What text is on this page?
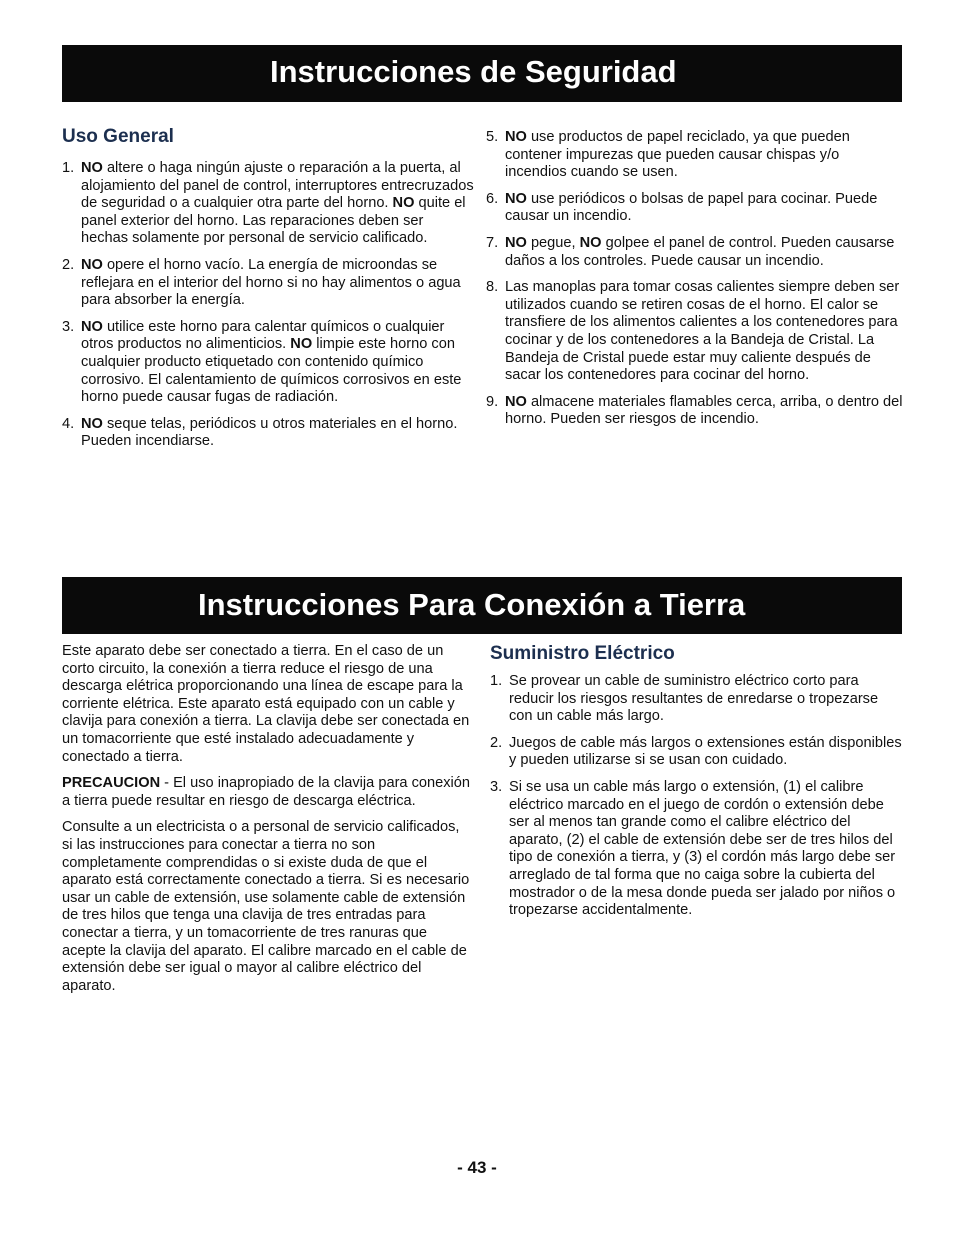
Instrucciones de Seguridad
Uso General
1. NO altere o haga ningún ajuste o reparación a la puerta, al alojamiento del panel de control, interruptores entrecruzados de seguridad o a cualquier otra parte del horno. NO quite el panel exterior del horno. Las reparaciones deben ser hechas solamente por personal de servicio calificado.
2. NO opere el horno vacío. La energía de microondas se reflejara en el interior del horno si no hay alimentos o agua para absorber la energía.
3. NO utilice este horno para calentar químicos o cualquier otros productos no alimenticios. NO limpie este horno con cualquier producto etiquetado con contenido químico corrosivo. El calentamiento de químicos corrosivos en este horno puede causar fugas de radiación.
4. NO seque telas, periódicos u otros materiales en el horno. Pueden incendiarse.
5. NO use productos de papel reciclado, ya que pueden contener impurezas que pueden causar chispas y/o incendios cuando se usen.
6. NO use periódicos o bolsas de papel para cocinar. Puede causar un incendio.
7. NO pegue, NO golpee el panel de control. Pueden causarse daños a los controles. Puede causar un incendio.
8. Las manoplas para tomar cosas calientes siempre deben ser utilizados cuando se retiren cosas de el horno. El calor se transfiere de los alimentos calientes a los contenedores para cocinar y de los contenedores a la Bandeja de Cristal. La Bandeja de Cristal puede estar muy caliente después de sacar los contenedores para cocinar del horno.
9. NO almacene materiales flamables cerca, arriba, o dentro del horno. Pueden ser riesgos de incendio.
Instrucciones Para Conexión a Tierra

Este aparato debe ser conectado a tierra. En el caso de un corto circuito, la conexión a tierra reduce el riesgo de una descarga elétrica proporcionando una línea de escape para la corriente elétrica. Este aparato está equipado con un cable y clavija para conexión a tierra. La clavija debe ser conectada en un tomacorriente que esté instalado adecuadamente y conectado a tierra.

PRECAUCION - El uso inapropiado de la clavija para conexión a tierra puede resultar en riesgo de descarga eléctrica.

Consulte a un electricista o a personal de servicio calificados, si las instrucciones para conectar a tierra no son completamente comprendidas o si existe duda de que el aparato está correctamente conectado a tierra. Si es necesario usar un cable de extensión, use solamente cable de extensión de tres hilos que tenga una clavija de tres entradas para conectar a tierra, y un tomacorriente de tres ranuras que acepte la clavija del aparato. El calibre marcado en el cable de extensión debe ser igual o mayor al calibre eléctrico del aparato.

Suministro Eléctrico
1. Se provear un cable de suministro eléctrico corto para reducir los riesgos resultantes de enredarse o tropezarse con un cable más largo.
2. Juegos de cable más largos o extensiones están disponibles y pueden utilizarse si se usan con cuidado.
3. Si se usa un cable más largo o extensión, (1) el calibre eléctrico marcado en el juego de cordón o extensión debe ser al menos tan grande como el calibre eléctrico del aparato, (2) el cable de extensión debe ser de tres hilos del tipo de conexión a tierra, y (3) el cordón más largo debe ser arreglado de tal forma que no caiga sobre la cubierta del mostrador o de la mesa donde pueda ser jalado por niños o tropezarse accidentalmente.
- 43 -
